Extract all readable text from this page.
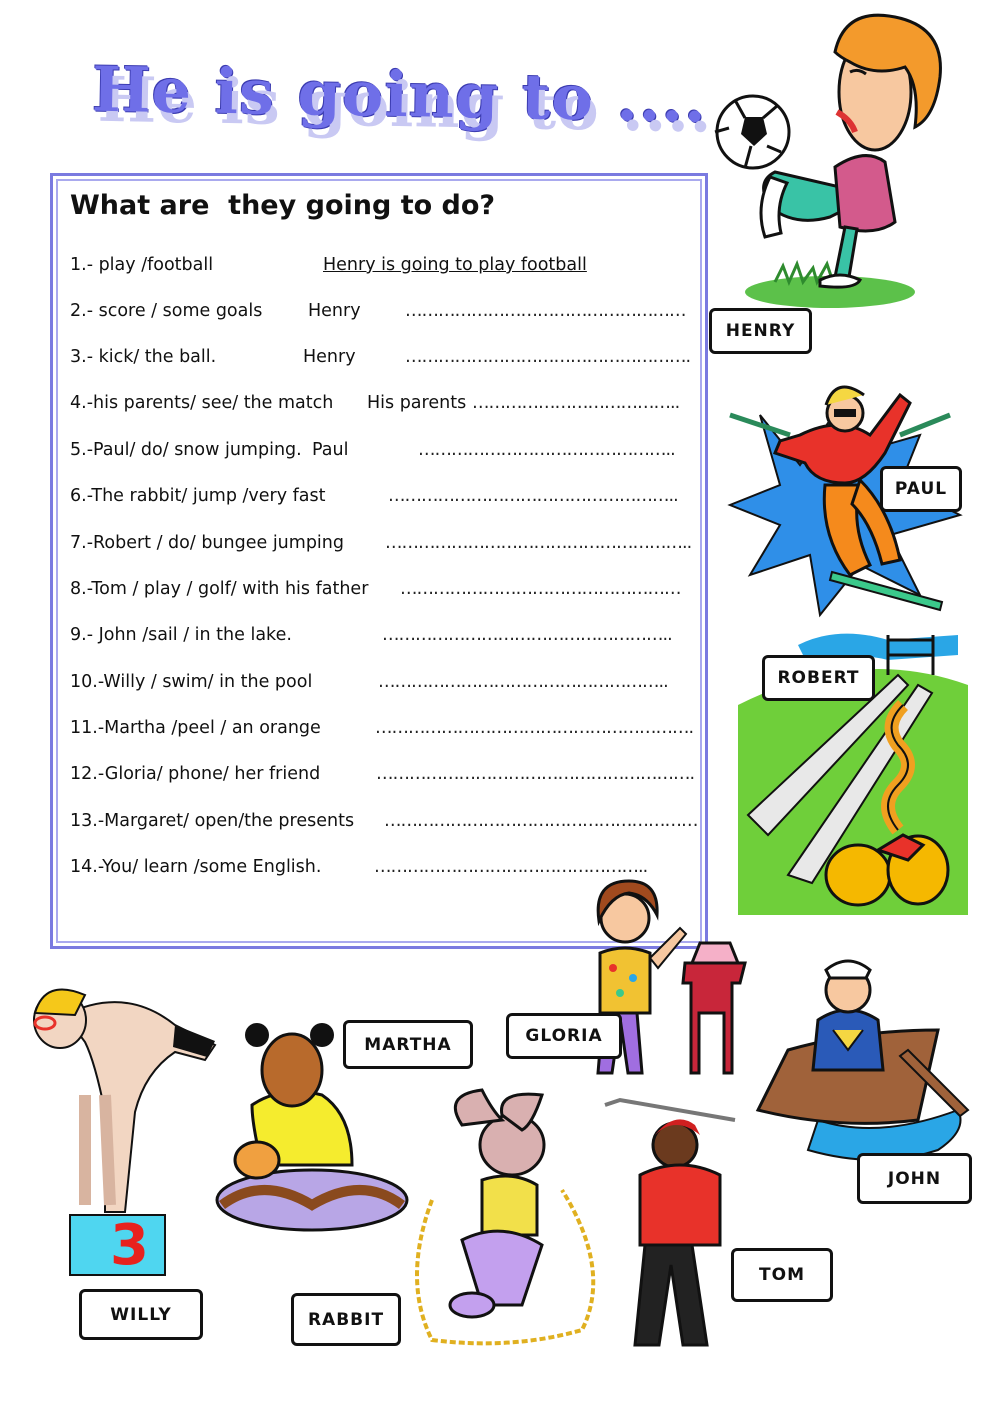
He is going to ....
What are  they going to do?
1.- play /football	Henry is going to play football
2.- score / some goals	Henry	……………………………………………
3.- kick/ the ball.	Henry	…………………………………………….
4.-his parents/ see/ the match His parents ………………………………..
5.-Paul/ do/ snow jumping. Paul	………………………………………..
6.-The rabbit/ jump /very fast	……………………………………………..
7.-Robert / do/ bungee jumping ………………………………………………..
8.-Tom / play / golf/ with his father ……………………………………………
9.- John /sail / in the lake.	……………………………………………..
10.-Willy / swim/ in the pool	……………………………………………..
11.-Martha /peel / an orange	………………………………………………….
12.-Gloria/ phone/ her friend	………………………………………………….
13.-Margaret/ open/the presents …………………………………………………
14.-You/ learn /some English.	…………………………………………..
HENRY
PAUL
ROBERT
GLORIA
MARTHA
3
WILLY	RABBIT
TOM
JOHN
